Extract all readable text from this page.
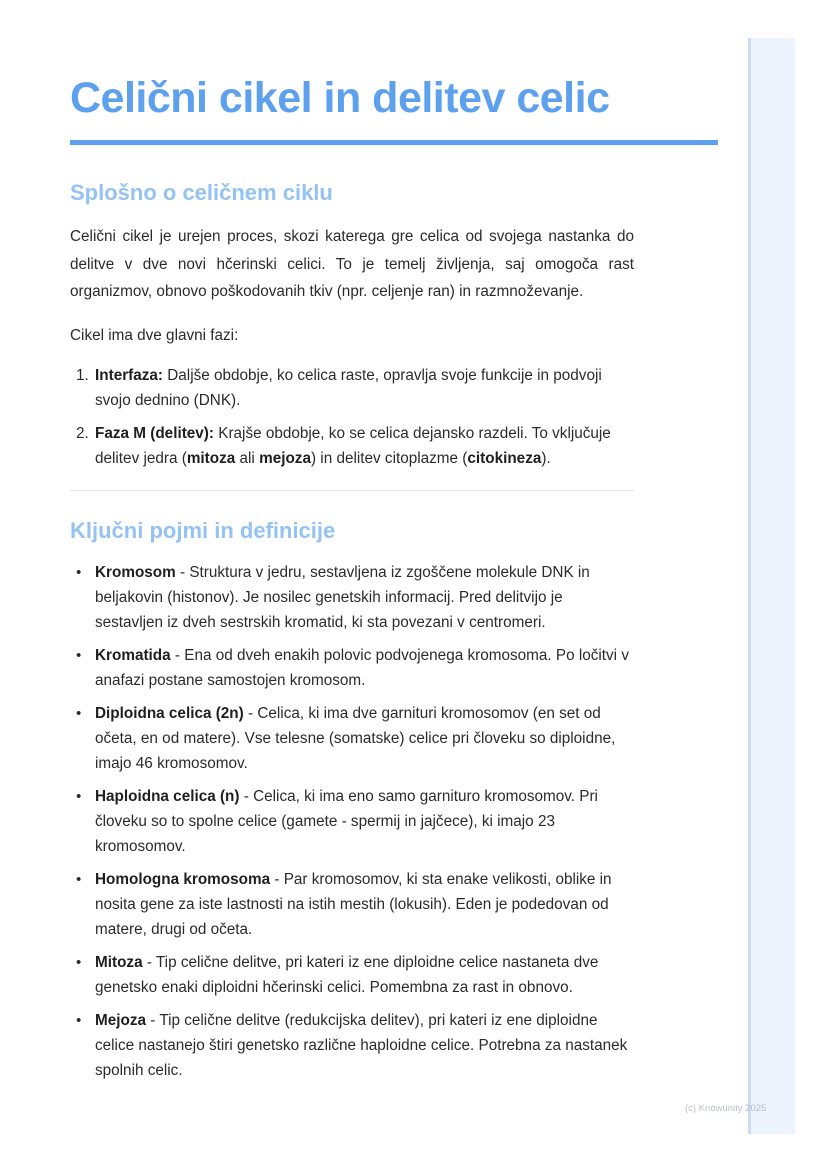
Celični cikel in delitev celic
Splošno o celičnem ciklu

Celični cikel je urejen proces, skozi katerega gre celica od svojega nastanka do delitve v dve novi hčerinski celici. To je temelj življenja, saj omogoča rast organizmov, obnovo poškodovanih tkiv (npr. celjenje ran) in razmnoževanje.

Cikel ima dve glavni fazi:

1. Interfaza: Daljše obdobje, ko celica raste, opravlja svoje funkcije in podvoji svojo dednino (DNK).
2. Faza M (delitev): Krajše obdobje, ko se celica dejansko razdeli. To vključuje delitev jedra (mitoza ali mejoza) in delitev citoplazme (citokineza).
Ključni pojmi in definicije
• Kromosom - Struktura v jedru, sestavljena iz zgoščene molekule DNK in beljakovin (histonov). Je nosilec genetskih informacij. Pred delitvijo je sestavljen iz dveh sestrskih kromatid, ki sta povezani v centromeri.
• Kromatida - Ena od dveh enakih polovic podvojenega kromosoma. Po ločitvi v anafazi postane samostojen kromosom.
• Diploidna celica (2n) - Celica, ki ima dve garnituri kromosomov (en set od očeta, en od matere). Vse telesne (somatske) celice pri človeku so diploidne, imajo 46 kromosomov.
• Haploidna celica (n) - Celica, ki ima eno samo garnituro kromosomov. Pri človeku so to spolne celice (gamete - spermij in jajčece), ki imajo 23 kromosomov.
• Homologna kromosoma - Par kromosomov, ki sta enake velikosti, oblike in nosita gene za iste lastnosti na istih mestih (lokusih). Eden je podedovan od matere, drugi od očeta.
• Mitoza - Tip celične delitve, pri kateri iz ene diploidne celice nastaneta dve genetsko enaki diploidni hčerinski celici. Pomembna za rast in obnovo.
• Mejoza - Tip celične delitve (redukcijska delitev), pri kateri iz ene diploidne celice nastanejo štiri genetsko različne haploidne celice. Potrebna za nastanek spolnih celic.
(c) Knowunity 2025
